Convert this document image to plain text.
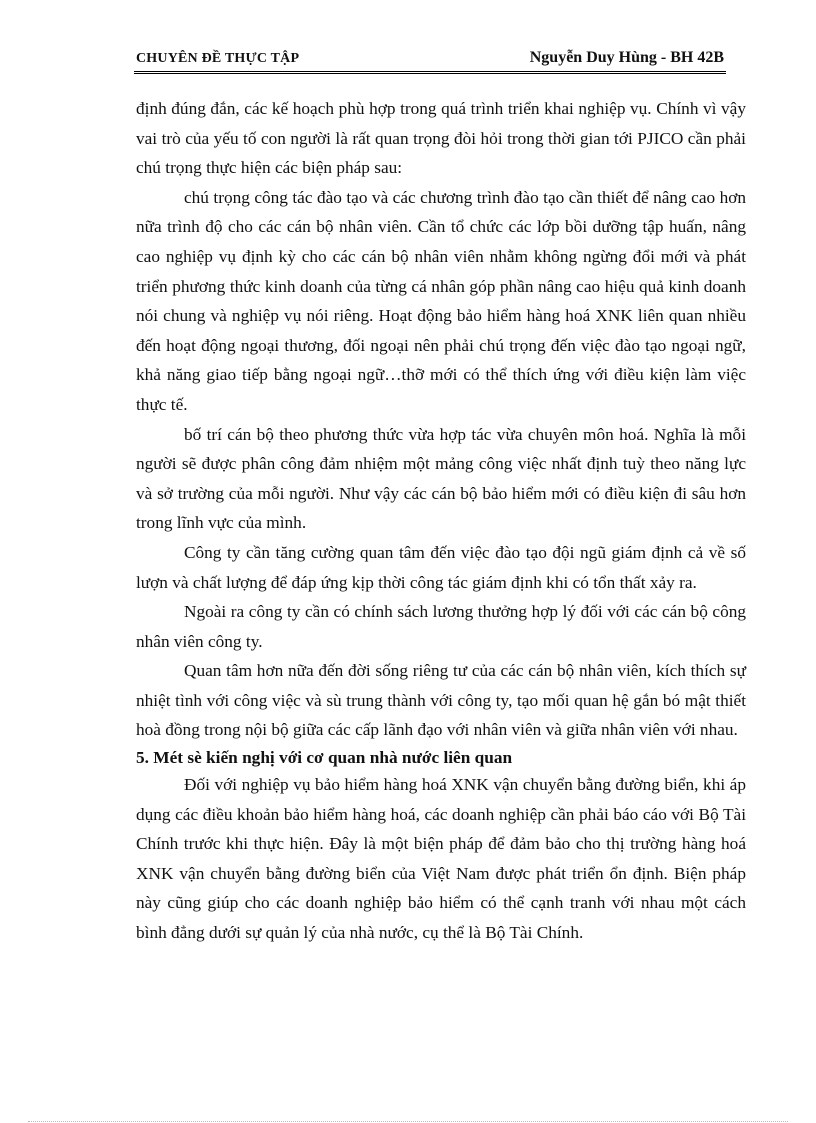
CHUYÊN ĐỀ THỰC TẬP	Nguyễn Duy Hùng - BH 42B

định đúng đắn, các kế hoạch phù hợp trong quá trình triển khai nghiệp vụ. Chính vì vậy vai trò của yếu tố con người là rất quan trọng đòi hỏi trong thời gian tới PJICO cần phải chú trọng thực hiện các biện pháp sau:

chú trọng công tác đào tạo và các chương trình đào tạo cần thiết để nâng cao hơn nữa trình độ cho các cán bộ nhân viên. Cần tổ chức các lớp bồi dưỡng tập huấn, nâng cao nghiệp vụ định kỳ cho các cán bộ nhân viên nhằm không ngừng đổi mới và phát triển phương thức kinh doanh của từng cá nhân góp phần nâng cao hiệu quả kinh doanh nói chung và nghiệp vụ nói riêng. Hoạt động bảo hiểm hàng hoá XNK liên quan nhiều đến hoạt động ngoại thương, đối ngoại nên phải chú trọng đến việc đào tạo ngoại ngữ, khả năng giao tiếp bằng ngoại ngữ…thỡ mới có thể thích ứng với điều kiện làm việc thực tế.

bố trí cán bộ theo phương thức vừa hợp tác vừa chuyên môn hoá. Nghĩa là mỗi người sẽ được phân công đảm nhiệm một mảng công việc nhất định tuỳ theo năng lực và sở trường của mỗi người. Như vậy các cán bộ bảo hiểm mới có điều kiện đi sâu hơn trong lĩnh vực của mình.

Công ty cần tăng cường quan tâm đến việc đào tạo đội ngũ giám định cả về số lượn và chất lượng để đáp ứng kịp thời công tác giám định khi có tổn thất xảy ra.

Ngoài ra công ty cần có chính sách lương thưởng hợp lý đối với các cán bộ công nhân viên công ty.

Quan tâm hơn nữa đến đời sống riêng tư của các cán bộ nhân viên, kích thích sự nhiệt tình với công việc và sù trung thành với công ty, tạo mối quan hệ gắn bó mật thiết hoà đồng trong nội bộ giữa các cấp lãnh đạo với nhân viên và giữa nhân viên với nhau.

5. Mét sè kiến nghị với cơ quan nhà nước liên quan

Đối với nghiệp vụ bảo hiểm hàng hoá XNK vận chuyển bằng đường biển, khi áp dụng các điều khoản bảo hiểm hàng hoá, các doanh nghiệp cần phải báo cáo với Bộ Tài Chính trước khi thực hiện. Đây là một biện pháp để đảm bảo cho thị trường hàng hoá XNK vận chuyển bằng đường biển của Việt Nam được phát triển ổn định. Biện pháp này cũng giúp cho các doanh nghiệp bảo hiểm có thể cạnh tranh với nhau một cách bình đẳng dưới sự quản lý của nhà nước, cụ thể là Bộ Tài Chính.
